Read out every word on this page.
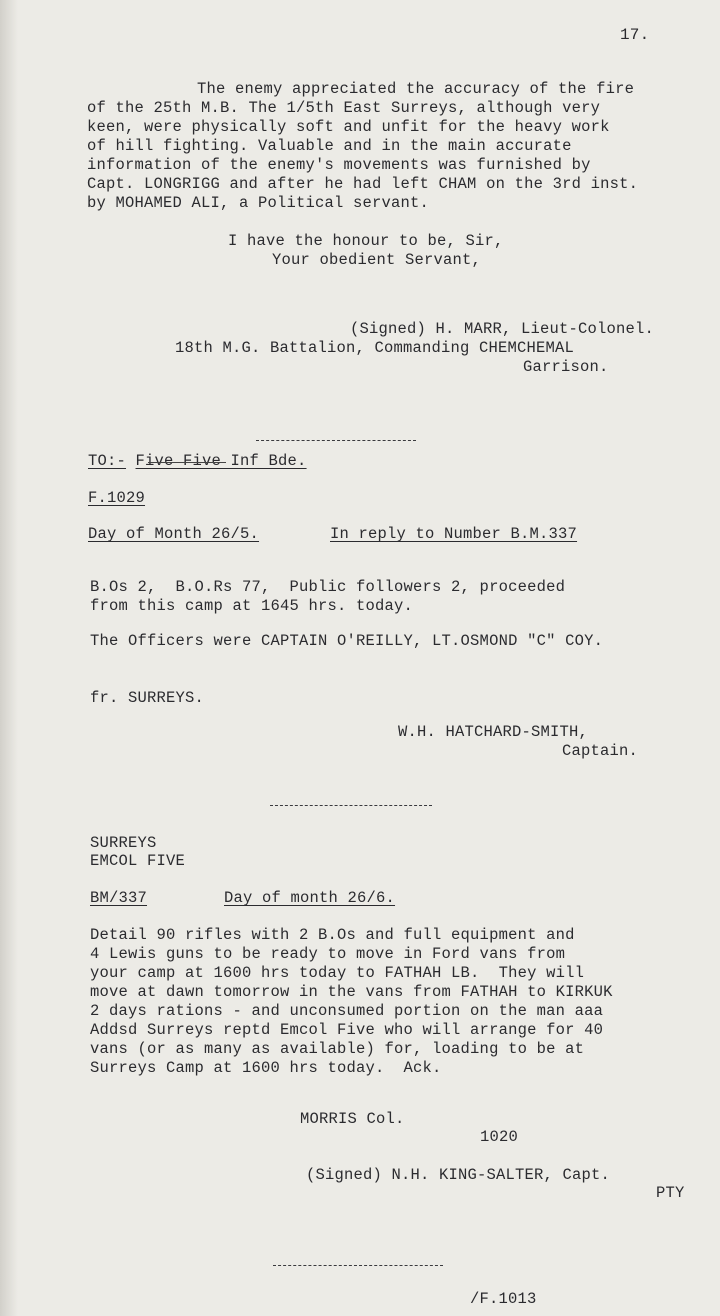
17.
The enemy appreciated the accuracy of the fire
of the 25th M.B. The 1/5th East Surreys, although very
keen, were physically soft and unfit for the heavy work
of hill fighting. Valuable and in the main accurate
information of the enemy's movements was furnished by
Capt. LONGRIGG and after he had left CHAM on the 3rd inst.
by MOHAMED ALI, a Political servant.
I have the honour to be, Sir,
Your obedient Servant,
(Signed) H. MARR, Lieut-Colonel.
18th M.G. Battalion, Commanding CHEMCHEMAL
Garrison.
TO:- Five Five Inf Bde.
F.1029
Day of Month 26/5.	In reply to Number B.M.337
B.Os 2,  B.O.Rs 77,  Public followers 2, proceeded
from this camp at 1645 hrs. today.
The Officers were CAPTAIN O'REILLY, LT.OSMOND "C" COY.
fr. SURREYS.
W.H. HATCHARD-SMITH,
Captain.
SURREYS
EMCOL FIVE
BM/337	Day of month 26/6.
Detail 90 rifles with 2 B.Os and full equipment and
4 Lewis guns to be ready to move in Ford vans from
your camp at 1600 hrs today to FATHAH LB.  They will
move at dawn tomorrow in the vans from FATHAH to KIRKUK
2 days rations - and unconsumed portion on the man aaa
Addsd Surreys reptd Emcol Five who will arrange for 40
vans (or as many as available) for, loading to be at
Surreys Camp at 1600 hrs today.  Ack.
MORRIS Col.
1020
(Signed) N.H. KING-SALTER, Capt.
PTY
/F.1013
